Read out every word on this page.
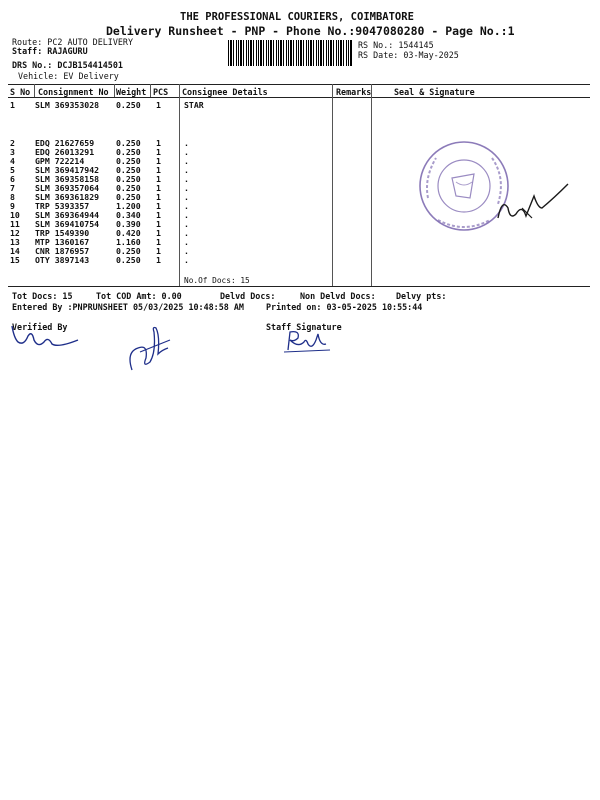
THE PROFESSIONAL COURIERS, COIMBATORE
Delivery Runsheet - PNP - Phone No.:9047080280 - Page No.:1
Route: PC2 AUTO DELIVERY
Staff: RAJAGURU
DRS No.: DCJB154414501
Vehicle: EV Delivery
RS No.: 1544145
RS Date: 03-May-2025
S No Consignment No Weight PCS Consignee Details	Remarks	Seal & Signature
1 SLM 369353028 0.250 1	STAR
2 EDQ 21627659	0.250 1	.
3 EDQ 26013291	0.250 1	.
4 GPM 722214	0.250 1	.
5 SLM 369417942 0.250 1	.
6 SLM 369358158 0.250 1	.
7 SLM 369357064 0.250 1	.
8 SLM 369361829 0.250 1	.
9 TRP 5393357	1.200 1	.
10 SLM 369364944 0.340 1	.
11 SLM 369410754 0.390 1	.
12 TRP 1549390	0.420 1	.
13 MTP 1360167	1.160 1	.
14 CNR 1876957	0.250 1	.
15 OTY 3897143	0.250 1	.
No.Of Docs: 15
Tot Docs: 15	Tot COD Amt: 0.00	Delvd Docs:	Non Delvd Docs: Delvy pts:
Entered By :PNPRUNSHEET 05/03/2025 10:48:58 AM	Printed on: 03-05-2025 10:55:44
Verified By	Staff Signature
